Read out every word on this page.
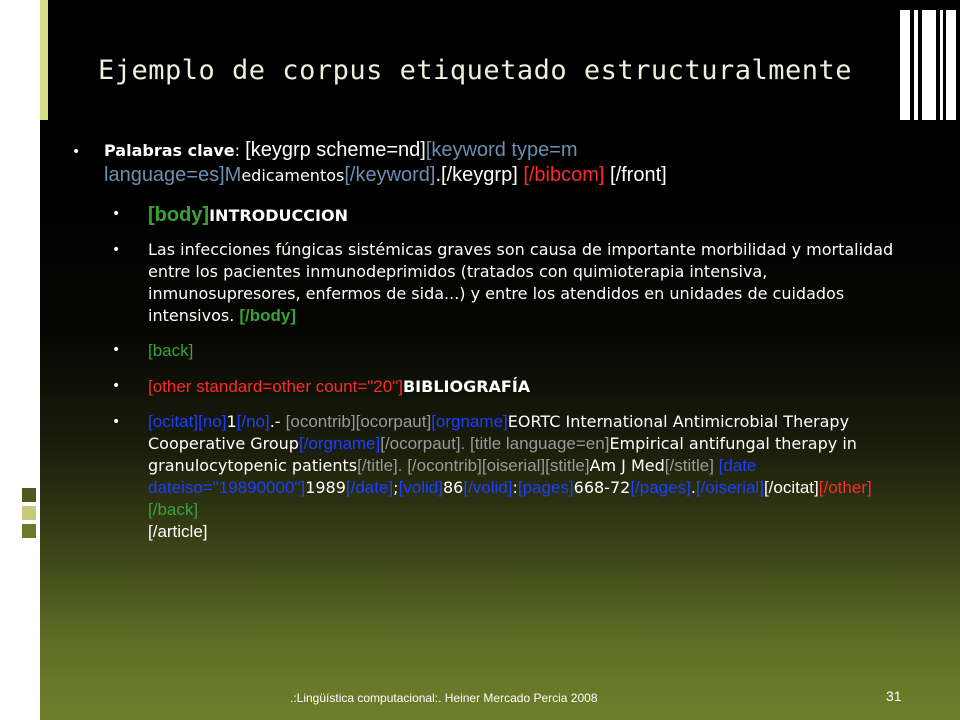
Ejemplo de corpus etiquetado estructuralmente
• Palabras clave: [keygrp scheme=nd][keyword type=m language=es]Medicamentos[/keyword].[/keygrp] [/bibcom] [/front]
• [body]INTRODUCCION
• Las infecciones fúngicas sistémicas graves son causa de importante morbilidad y mortalidad entre los pacientes inmunodeprimidos (tratados con quimioterapia intensiva, inmunosupresores, enfermos de sida...) y entre los atendidos en unidades de cuidados intensivos. [/body]
• [back]
• [other standard=other count="20"]BIBLIOGRAFÍA
• [ocitat][no]1[/no].- [ocontrib][ocorpaut][orgname]EORTC International Antimicrobial Therapy Cooperative Group[/orgname][/ocorpaut]. [title language=en]Empirical antifungal therapy in granulocytopenic patients[/title]. [/ocontrib][oiserial][stitle]Am J Med[/stitle] [date dateiso="19890000"]1989[/date];[volid]86[/volid]:[pages]668-72[/pages].[/oiserial][/ocitat][/other][/back]
[/article]
.:Lingüística computacional:. Heiner Mercado Percia 2008	31
